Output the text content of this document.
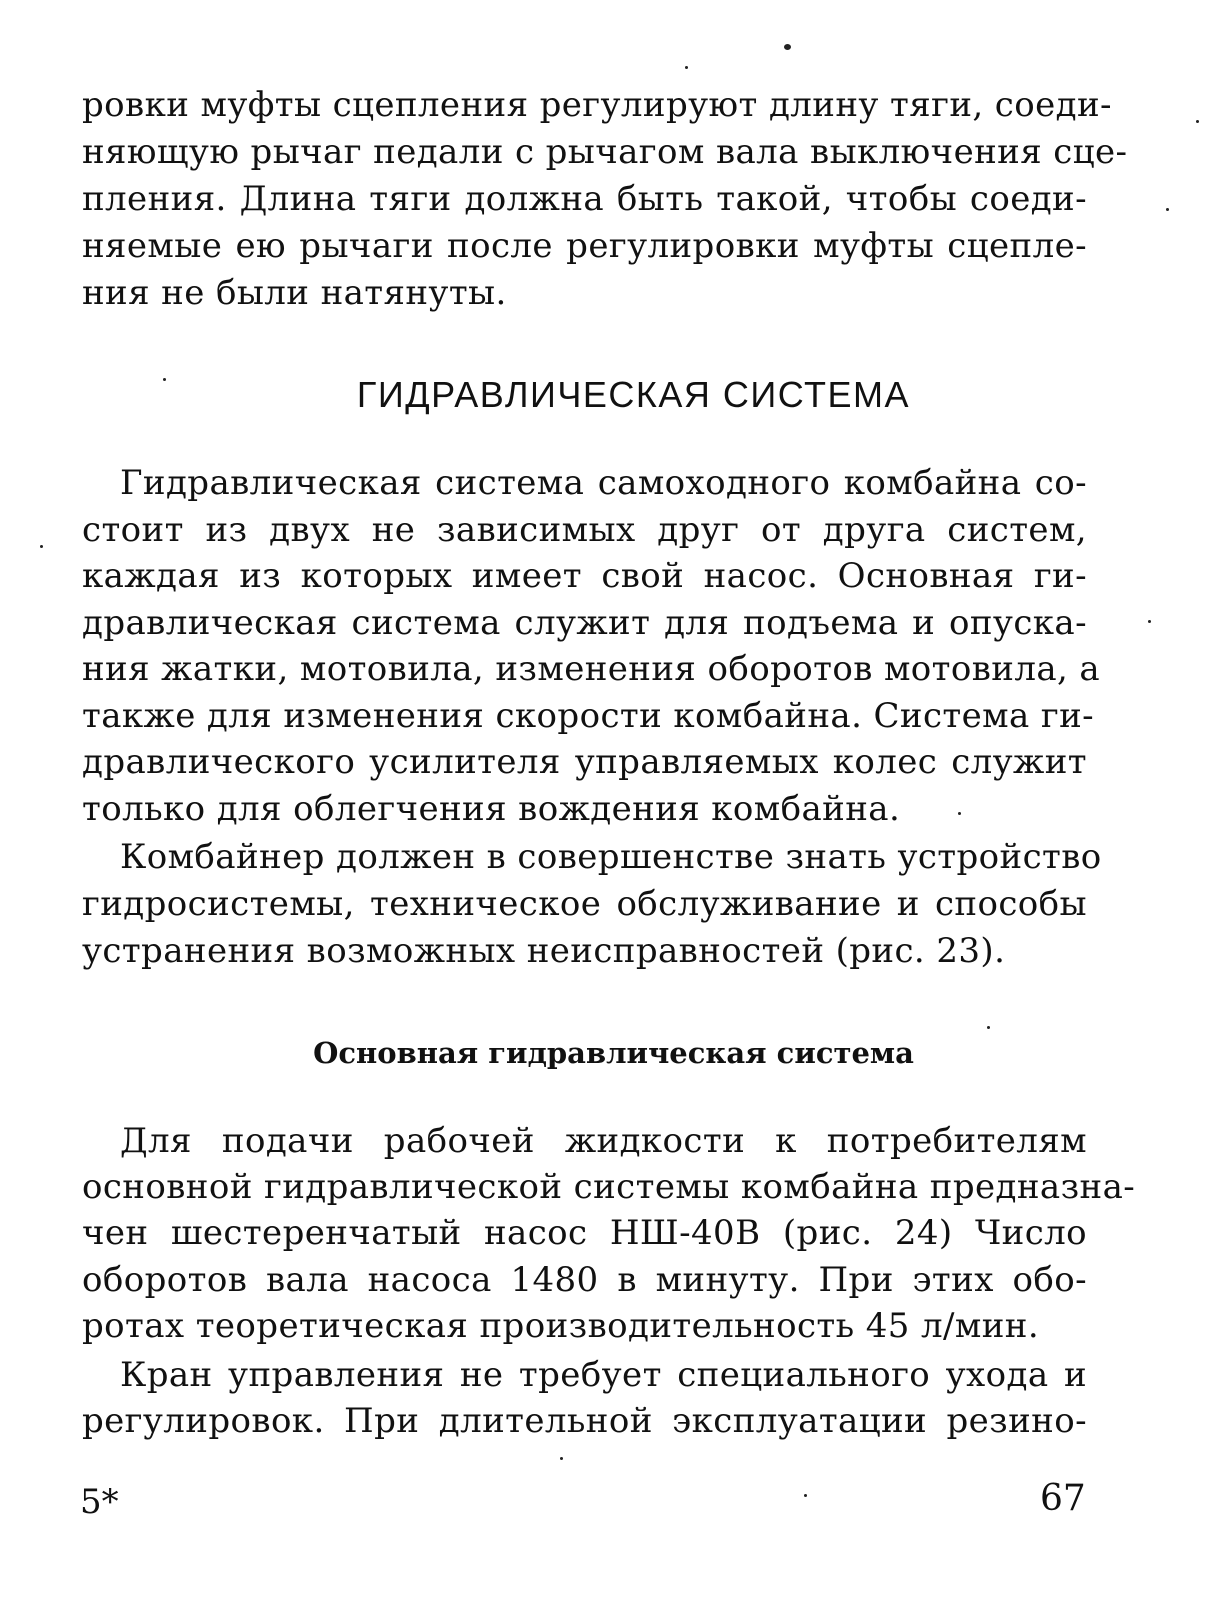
ровки муфты сцепления регулируют длину тяги, соеди-
няющую рычаг педали с рычагом вала выключения сце-
пления. Длина тяги должна быть такой, чтобы соеди-
няемые ею рычаги после регулировки муфты сцепле-
ния не были натянуты.
ГИДРАВЛИЧЕСКАЯ СИСТЕМА
Гидравлическая система самоходного комбайна со-
стоит из двух не зависимых друг от друга систем,
каждая из которых имеет свой насос. Основная ги-
дравлическая система служит для подъема и опуска-
ния жатки, мотовила, изменения оборотов мотовила, а
также для изменения скорости комбайна. Система ги-
дравлического усилителя управляемых колес служит
только для облегчения вождения комбайна.
Комбайнер должен в совершенстве знать устройство
гидросистемы, техническое обслуживание и способы
устранения возможных неисправностей (рис. 23).
Основная гидравлическая система
Для подачи рабочей жидкости к потребителям
основной гидравлической системы комбайна предназна-
чен шестеренчатый насос НШ-40В (рис. 24) Число
оборотов вала насоса 1480 в минуту. При этих обо-
ротах теоретическая производительность 45 л/мин.
Кран управления не требует специального ухода и
регулировок. При длительной эксплуатации резино-
5*	67
